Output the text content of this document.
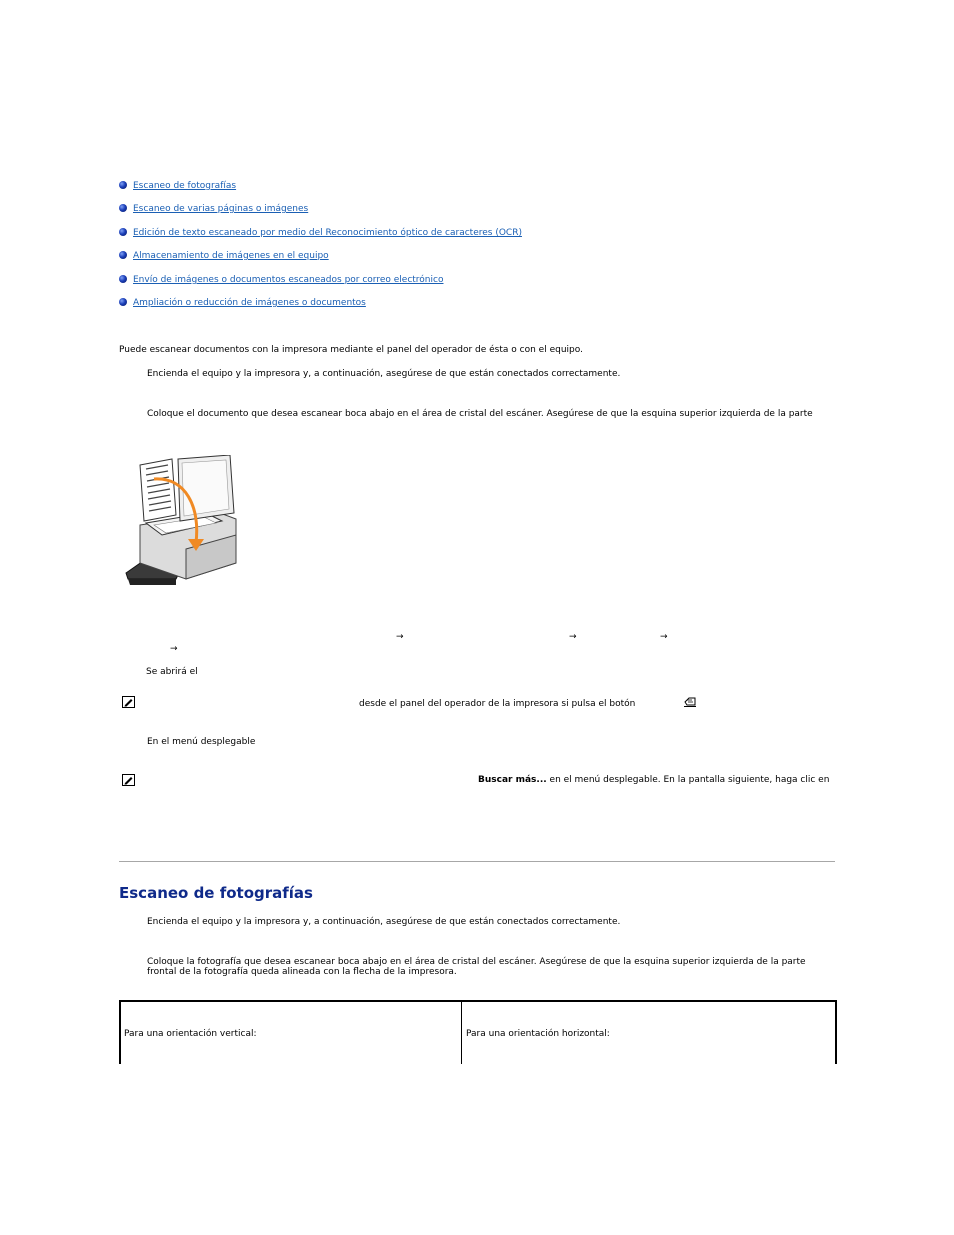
Escaneo de fotografías
Escaneo de varias páginas o imágenes
Edición de texto escaneado por medio del Reconocimiento óptico de caracteres (OCR)
Almacenamiento de imágenes en el equipo
Envío de imágenes o documentos escaneados por correo electrónico
Ampliación o reducción de imágenes o documentos
Puede escanear documentos con la impresora mediante el panel del operador de ésta o con el equipo.
Encienda el equipo y la impresora y, a continuación, asegúrese de que están conectados correctamente.
Coloque el documento que desea escanear boca abajo en el área de cristal del escáner. Asegúrese de que la esquina superior izquierda de la parte
→	→	→
→
Se abrirá el
desde el panel del operador de la impresora si pulsa el botón
En el menú desplegable
Buscar más... en el menú desplegable. En la pantalla siguiente, haga clic en
Escaneo de fotografías
Encienda el equipo y la impresora y, a continuación, asegúrese de que están conectados correctamente.
Coloque la fotografía que desea escanear boca abajo en el área de cristal del escáner. Asegúrese de que la esquina superior izquierda de la parte
frontal de la fotografía queda alineada con la flecha de la impresora.
Para una orientación vertical:	Para una orientación horizontal:
